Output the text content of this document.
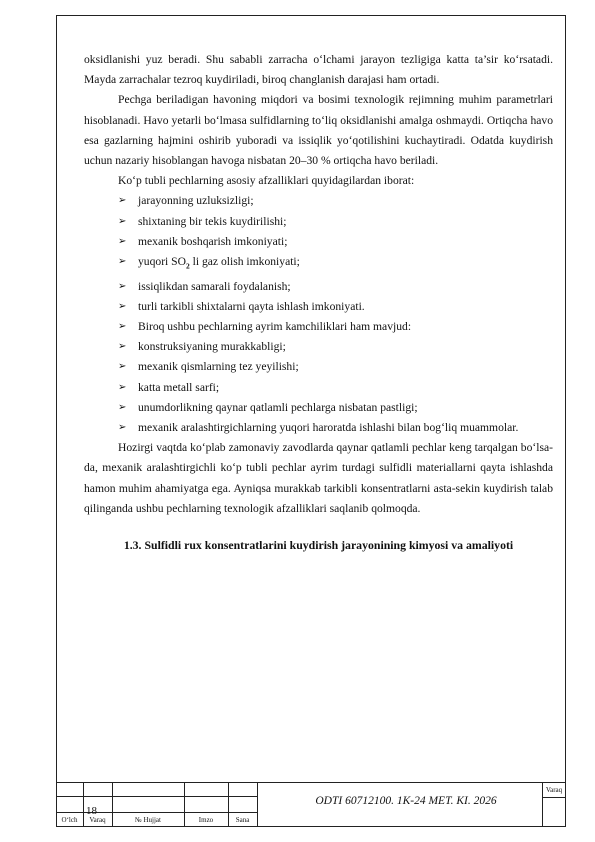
oksidlanishi yuz beradi. Shu sababli zarracha o‘lchami jarayon tezligiga katta ta’sir ko‘rsatadi. Mayda zarrachalar tezroq kuydiriladi, biroq changlanish darajasi ham ortadi.

Pechga beriladigan havoning miqdori va bosimi texnologik rejimning muhim parametrlari hisoblanadi. Havo yetarli bo‘lmasa sulfidlarning to‘liq oksidlanishi amalga oshmaydi. Ortiqcha havo esa gazlarning hajmini oshirib yuboradi va issiqlik yo‘qotilishini kuchaytiradi. Odatda kuydirish uchun nazariy hisoblangan havoga nisbatan 20–30 % ortiqcha havo beriladi.

Ko‘p tubli pechlarning asosiy afzalliklari quyidagilardan iborat:

➢ jarayonning uzluksizligi;
➢ shixtaning bir tekis kuydirilishi;
➢ mexanik boshqarish imkoniyati;
➢ yuqori $SO_2$ li gaz olish imkoniyati;
➢ issiqlikdan samarali foydalanish;
➢ turli tarkibli shixtalarni qayta ishlash imkoniyati.
➢ Biroq ushbu pechlarning ayrim kamchiliklari ham mavjud:
➢ konstruksiyaning murakkabligi;
➢ mexanik qismlarning tez yeyilishi;
➢ katta metall sarfi;
➢ unumdorlikning qaynar qatlamli pechlarga nisbatan pastligi;
➢ mexanik aralashtirgichlarning yuqori haroratda ishlashi bilan bog‘liq muammolar.

Hozirgi vaqtda ko‘plab zamonaviy zavodlarda qaynar qatlamli pechlar keng tarqalgan bo‘lsa-da, mexanik aralashtirgichli ko‘p tubli pechlar ayrim turdagi sulfidli materiallarni qayta ishlashda hamon muhim ahamiyatga ega. Ayniqsa murakkab tarkibli konsentratlarni asta-sekin kuydirish talab qilinganda ushbu pechlarning texnologik afzalliklari saqlanib qolmoqda.

1.3. Sulfidli rux konsentratlarini kuydirish jarayonining kimyosi va amaliyoti
18
ODTI 60712100. 1K-24 MET. KI. 2026
O‘lch	Varaq	№ Hujjat	Imzo	Sana
Varaq
